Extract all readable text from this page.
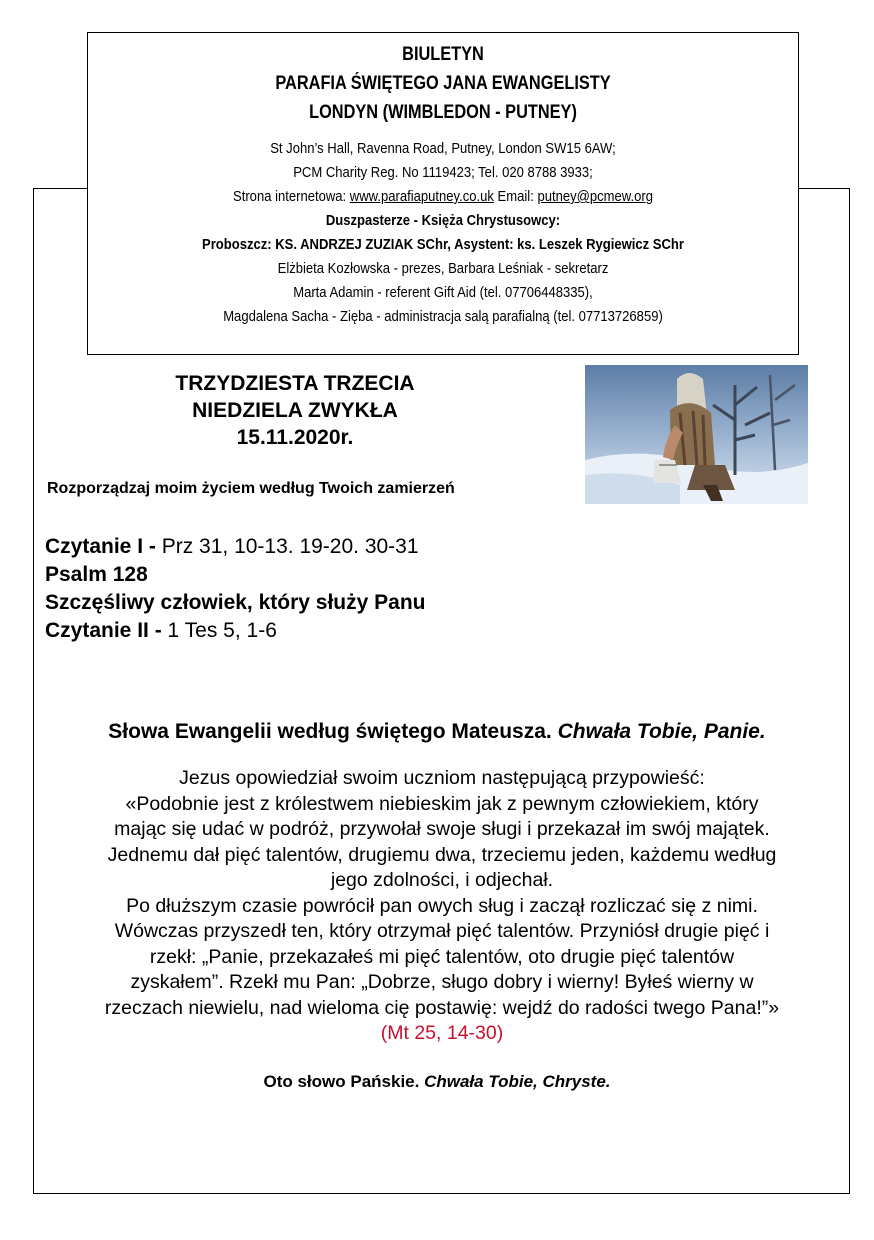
BIULETYN
PARAFIA ŚWIĘTEGO JANA EWANGELISTY
LONDYN (WIMBLEDON - PUTNEY)
St John’s Hall, Ravenna Road, Putney, London SW15 6AW;
PCM Charity Reg. No 1119423; Tel. 020 8788 3933;
Strona internetowa: www.parafiaputney.co.uk Email: putney@pcmew.org
Duszpasterze - Księża Chrystusowcy:
Proboszcz: KS. ANDRZEJ ZUZIAK SChr, Asystent: ks. Leszek Rygiewicz SChr
Elżbieta Kozłowska - prezes, Barbara Leśniak - sekretarz
Marta Adamin - referent Gift Aid (tel. 07706448335),
Magdalena Sacha - Zięba - administracja salą parafialną (tel. 07713726859)
TRZYDZIESTA TRZECIA
NIEDZIELA ZWYKŁA
15.11.2020r.
Rozporządzaj moim życiem według Twoich zamierzeń
Czytanie I - Prz 31, 10-13. 19-20. 30-31
Psalm 128
Szczęśliwy człowiek, który służy Panu
Czytanie II - 1 Tes 5, 1-6
Słowa Ewangelii według świętego Mateusza. Chwała Tobie, Panie.
Jezus opowiedział swoim uczniom następującą przypowieść:
«Podobnie jest z królestwem niebieskim jak z pewnym człowiekiem, który
mając się udać w podróż, przywołał swoje sługi i przekazał im swój majątek.
Jednemu dał pięć talentów, drugiemu dwa, trzeciemu jeden, każdemu według
jego zdolności, i odjechał.
Po dłuższym czasie powrócił pan owych sług i zaczął rozliczać się z nimi.
Wówczas przyszedł ten, który otrzymał pięć talentów. Przyniósł drugie pięć i
rzekł: „Panie, przekazałeś mi pięć talentów, oto drugie pięć talentów
zyskałem”. Rzekł mu Pan: „Dobrze, sługo dobry i wierny! Byłeś wierny w
rzeczach niewielu, nad wieloma cię postawię: wejdź do radości twego Pana!”»
(Mt 25, 14-30)
Oto słowo Pańskie. Chwała Tobie, Chryste.
